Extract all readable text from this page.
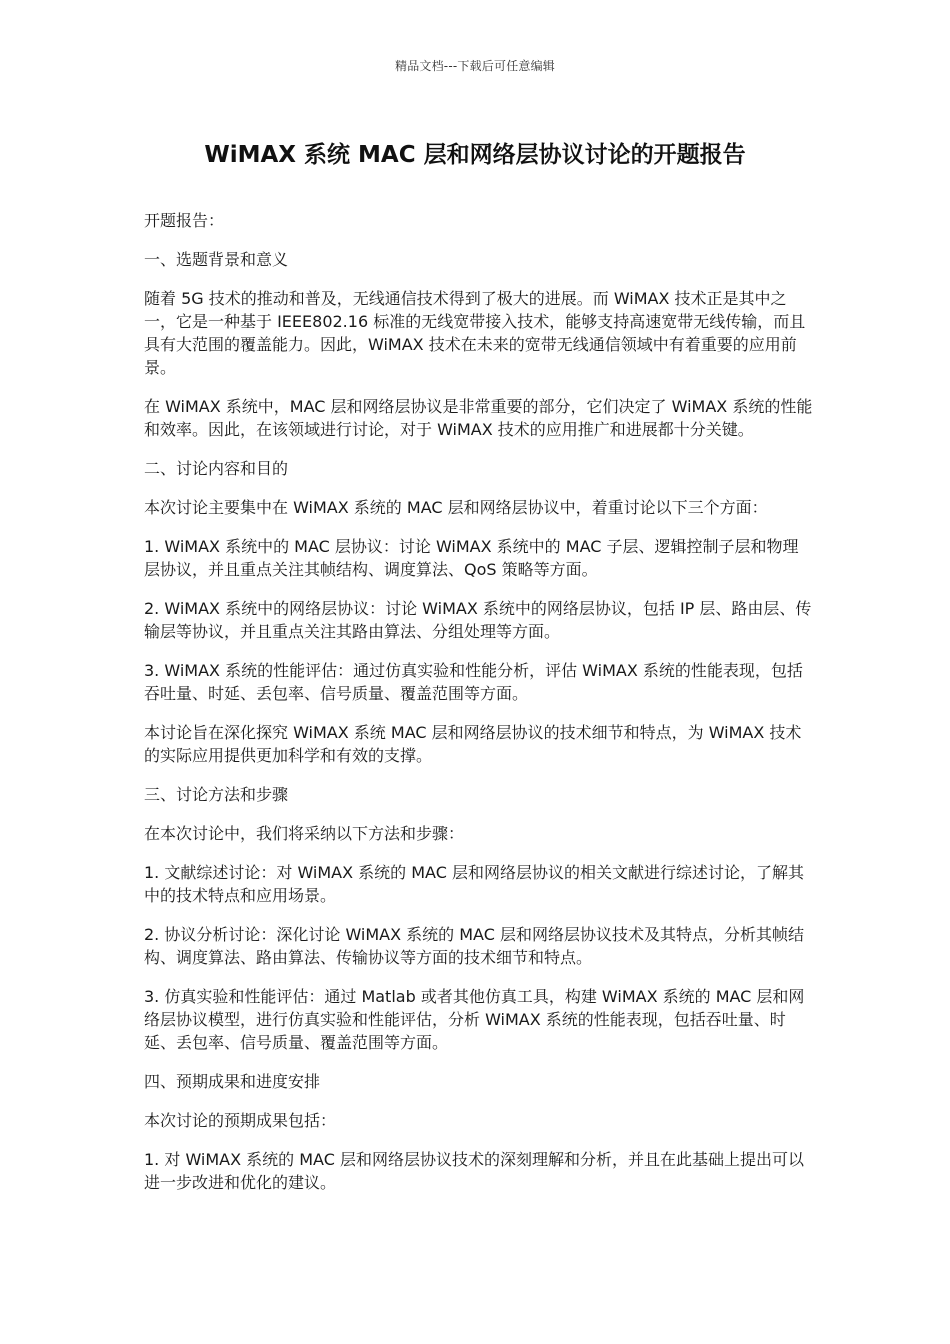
精品文档---下载后可任意编辑
WiMAX 系统 MAC 层和网络层协议讨论的开题报告

开题报告：

一、选题背景和意义

随着 5G 技术的推动和普及，无线通信技术得到了极大的进展。而 WiMAX 技术正是其中之一，它是一种基于 IEEE802.16 标准的无线宽带接入技术，能够支持高速宽带无线传输，而且具有大范围的覆盖能力。因此，WiMAX 技术在未来的宽带无线通信领域中有着重要的应用前景。

在 WiMAX 系统中，MAC 层和网络层协议是非常重要的部分，它们决定了 WiMAX 系统的性能和效率。因此，在该领域进行讨论，对于 WiMAX 技术的应用推广和进展都十分关键。

二、讨论内容和目的

本次讨论主要集中在 WiMAX 系统的 MAC 层和网络层协议中，着重讨论以下三个方面：

1. WiMAX 系统中的 MAC 层协议：讨论 WiMAX 系统中的 MAC 子层、逻辑控制子层和物理层协议，并且重点关注其帧结构、调度算法、QoS 策略等方面。

2. WiMAX 系统中的网络层协议：讨论 WiMAX 系统中的网络层协议，包括 IP 层、路由层、传输层等协议，并且重点关注其路由算法、分组处理等方面。

3. WiMAX 系统的性能评估：通过仿真实验和性能分析，评估 WiMAX 系统的性能表现，包括吞吐量、时延、丢包率、信号质量、覆盖范围等方面。

本讨论旨在深化探究 WiMAX 系统 MAC 层和网络层协议的技术细节和特点，为 WiMAX 技术的实际应用提供更加科学和有效的支撑。

三、讨论方法和步骤

在本次讨论中，我们将采纳以下方法和步骤：

1. 文献综述讨论：对 WiMAX 系统的 MAC 层和网络层协议的相关文献进行综述讨论，了解其中的技术特点和应用场景。

2. 协议分析讨论：深化讨论 WiMAX 系统的 MAC 层和网络层协议技术及其特点，分析其帧结构、调度算法、路由算法、传输协议等方面的技术细节和特点。

3. 仿真实验和性能评估：通过 Matlab 或者其他仿真工具，构建 WiMAX 系统的 MAC 层和网络层协议模型，进行仿真实验和性能评估，分析 WiMAX 系统的性能表现，包括吞吐量、时延、丢包率、信号质量、覆盖范围等方面。

四、预期成果和进度安排

本次讨论的预期成果包括：

1. 对 WiMAX 系统的 MAC 层和网络层协议技术的深刻理解和分析，并且在此基础上提出可以进一步改进和优化的建议。
